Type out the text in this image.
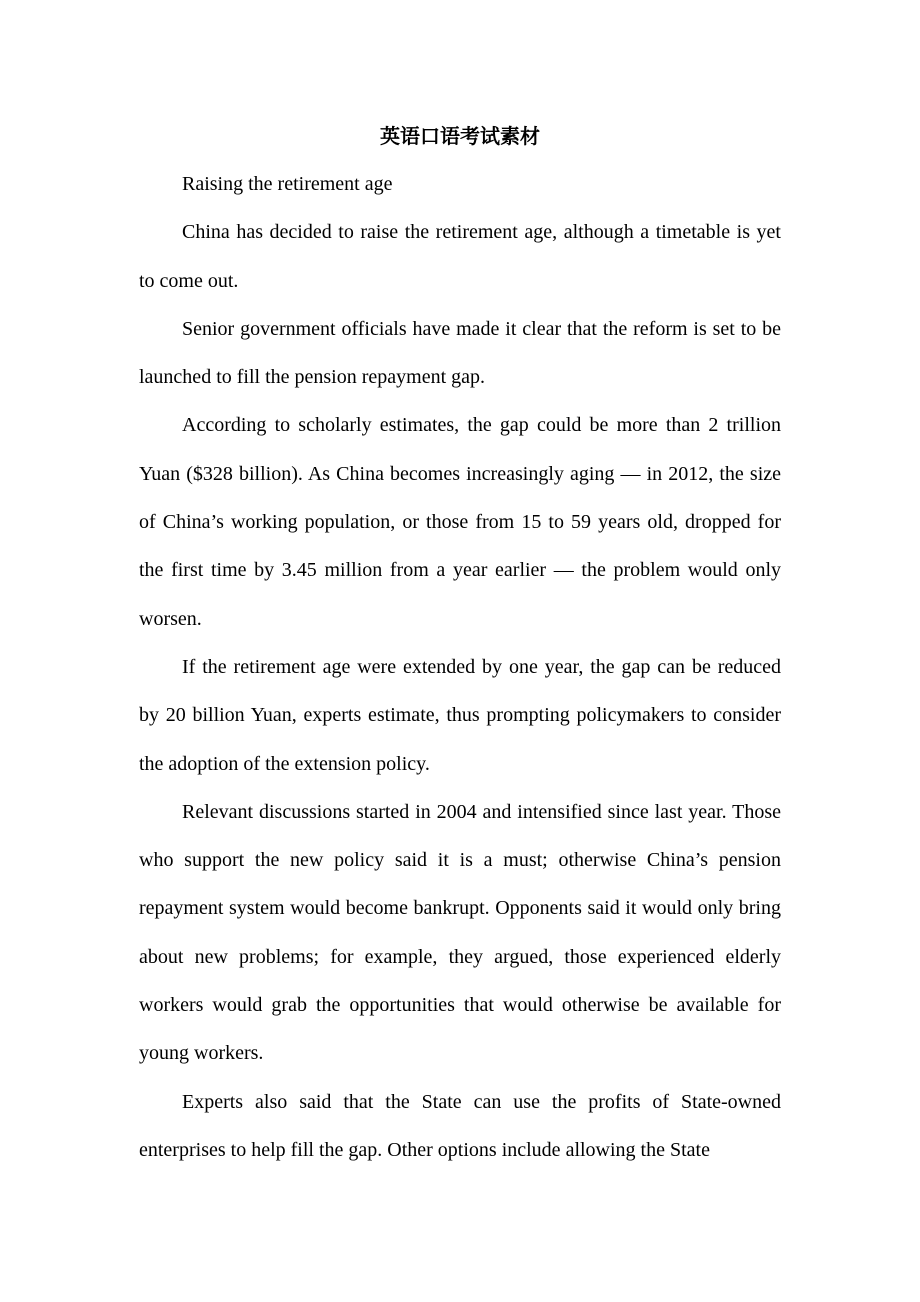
英语口语考试素材

Raising the retirement age

China has decided to raise the retirement age, although a timetable is yet to come out.

Senior government officials have made it clear that the reform is set to be launched to fill the pension repayment gap.

According to scholarly estimates, the gap could be more than 2 trillion Yuan ($328 billion). As China becomes increasingly aging — in 2012, the size of China’s working population, or those from 15 to 59 years old, dropped for the first time by 3.45 million from a year earlier — the problem would only worsen.

If the retirement age were extended by one year, the gap can be reduced by 20 billion Yuan, experts estimate, thus prompting policymakers to consider the adoption of the extension policy.

Relevant discussions started in 2004 and intensified since last year. Those who support the new policy said it is a must; otherwise China’s pension repayment system would become bankrupt. Opponents said it would only bring about new problems; for example, they argued, those experienced elderly workers would grab the opportunities that would otherwise be available for young workers.

Experts also said that the State can use the profits of State-owned enterprises to help fill the gap. Other options include allowing the State
